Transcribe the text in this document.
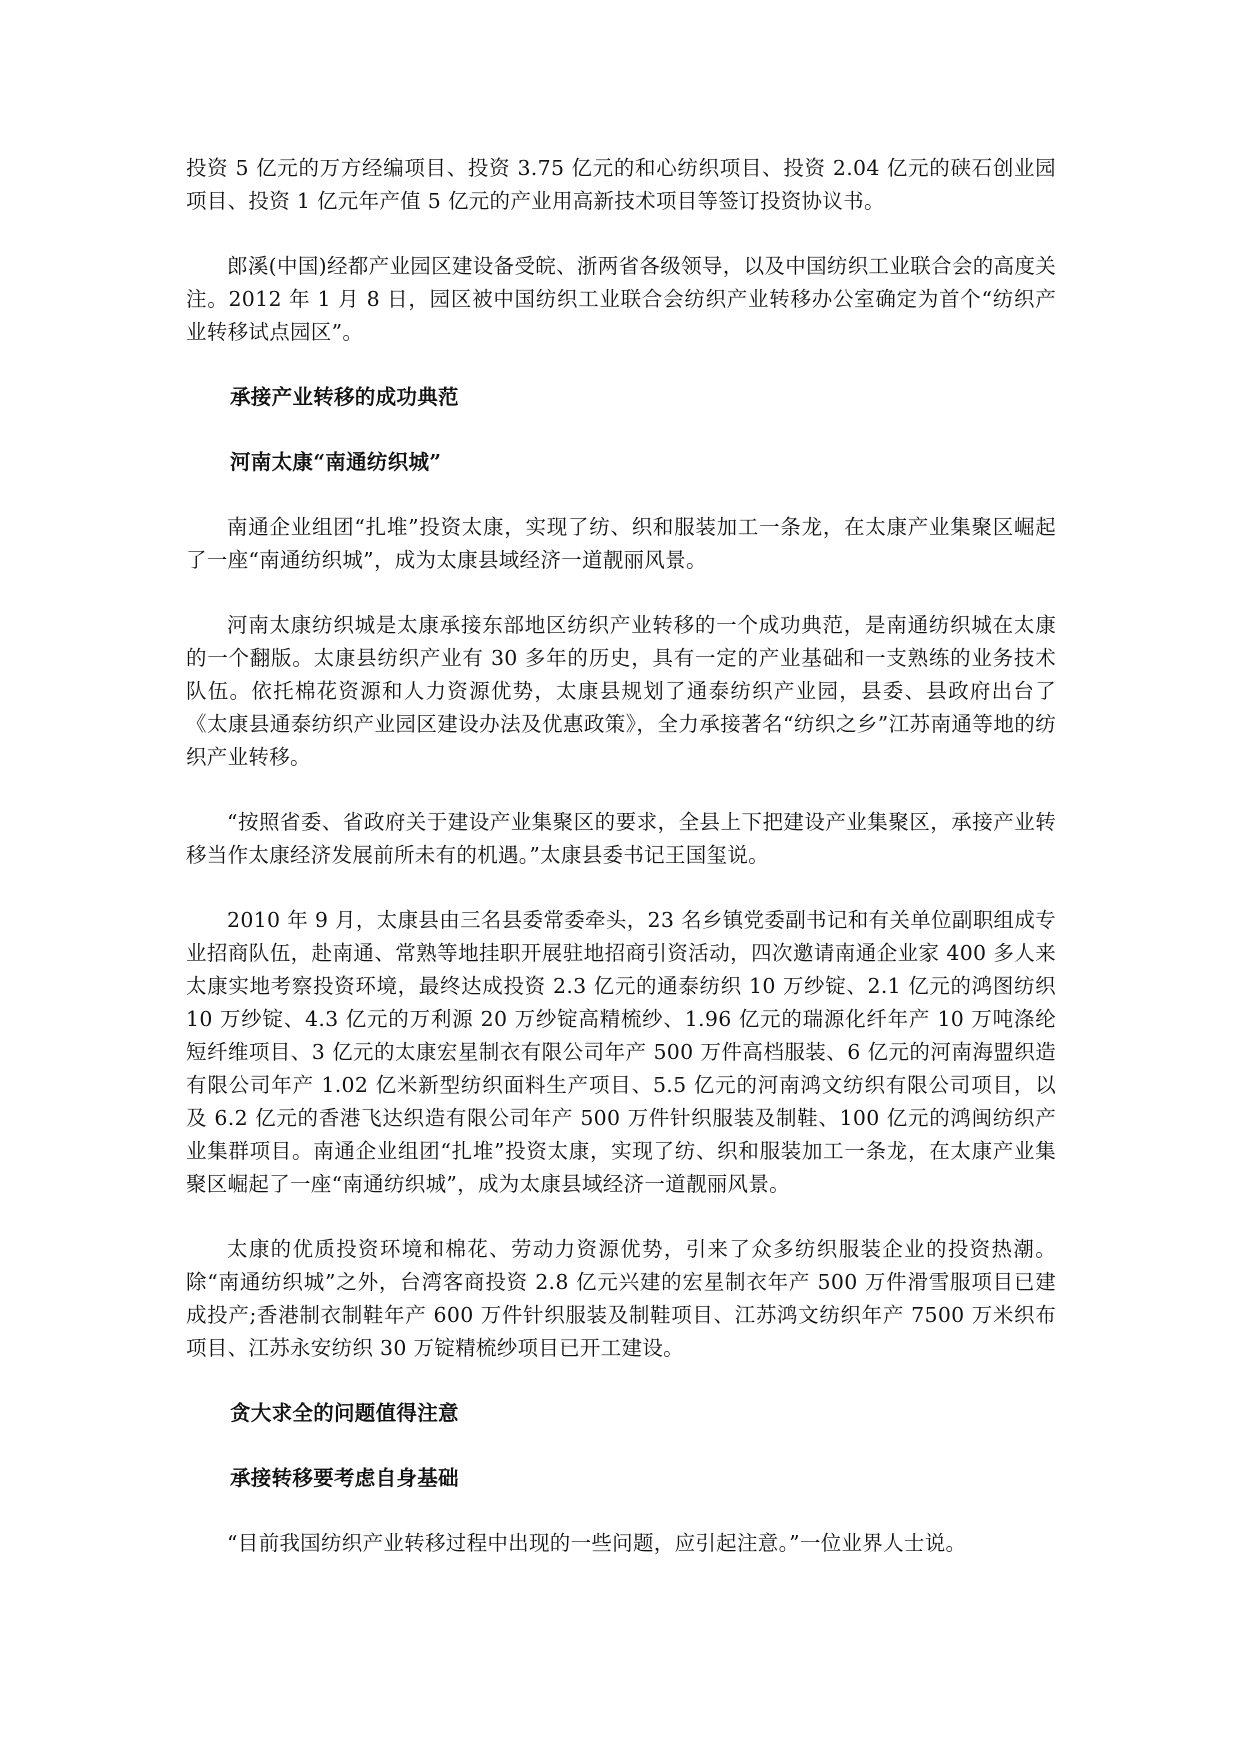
投资 5 亿元的万方经编项目、投资 3.75 亿元的和心纺织项目、投资 2.04 亿元的硖石创业园项目、投资 1 亿元年产值 5 亿元的产业用高新技术项目等签订投资协议书。

郎溪(中国)经都产业园区建设备受皖、浙两省各级领导，以及中国纺织工业联合会的高度关注。2012 年 1 月 8 日，园区被中国纺织工业联合会纺织产业转移办公室确定为首个“纺织产业转移试点园区”。

承接产业转移的成功典范

河南太康“南通纺织城”

南通企业组团“扎堆”投资太康，实现了纺、织和服装加工一条龙，在太康产业集聚区崛起了一座“南通纺织城”，成为太康县域经济一道靓丽风景。

河南太康纺织城是太康承接东部地区纺织产业转移的一个成功典范，是南通纺织城在太康的一个翻版。太康县纺织产业有 30 多年的历史，具有一定的产业基础和一支熟练的业务技术队伍。依托棉花资源和人力资源优势，太康县规划了通泰纺织产业园，县委、县政府出台了《太康县通泰纺织产业园区建设办法及优惠政策》，全力承接著名“纺织之乡”江苏南通等地的纺织产业转移。

“按照省委、省政府关于建设产业集聚区的要求，全县上下把建设产业集聚区，承接产业转移当作太康经济发展前所未有的机遇。”太康县委书记王国玺说。

2010 年 9 月，太康县由三名县委常委牵头，23 名乡镇党委副书记和有关单位副职组成专业招商队伍，赴南通、常熟等地挂职开展驻地招商引资活动，四次邀请南通企业家 400 多人来太康实地考察投资环境，最终达成投资 2.3 亿元的通泰纺织 10 万纱锭、2.1 亿元的鸿图纺织 10 万纱锭、4.3 亿元的万利源 20 万纱锭高精梳纱、1.96 亿元的瑞源化纤年产 10 万吨涤纶短纤维项目、3 亿元的太康宏星制衣有限公司年产 500 万件高档服装、6 亿元的河南海盟织造有限公司年产 1.02 亿米新型纺织面料生产项目、5.5 亿元的河南鸿文纺织有限公司项目，以及 6.2 亿元的香港飞达织造有限公司年产 500 万件针织服装及制鞋、100 亿元的鸿闽纺织产业集群项目。南通企业组团“扎堆”投资太康，实现了纺、织和服装加工一条龙，在太康产业集聚区崛起了一座“南通纺织城”，成为太康县域经济一道靓丽风景。

太康的优质投资环境和棉花、劳动力资源优势，引来了众多纺织服装企业的投资热潮。除“南通纺织城”之外，台湾客商投资 2.8 亿元兴建的宏星制衣年产 500 万件滑雪服项目已建成投产;香港制衣制鞋年产 600 万件针织服装及制鞋项目、江苏鸿文纺织年产 7500 万米织布项目、江苏永安纺织 30 万锭精梳纱项目已开工建设。

贪大求全的问题值得注意

承接转移要考虑自身基础

“目前我国纺织产业转移过程中出现的一些问题，应引起注意。”一位业界人士说。
